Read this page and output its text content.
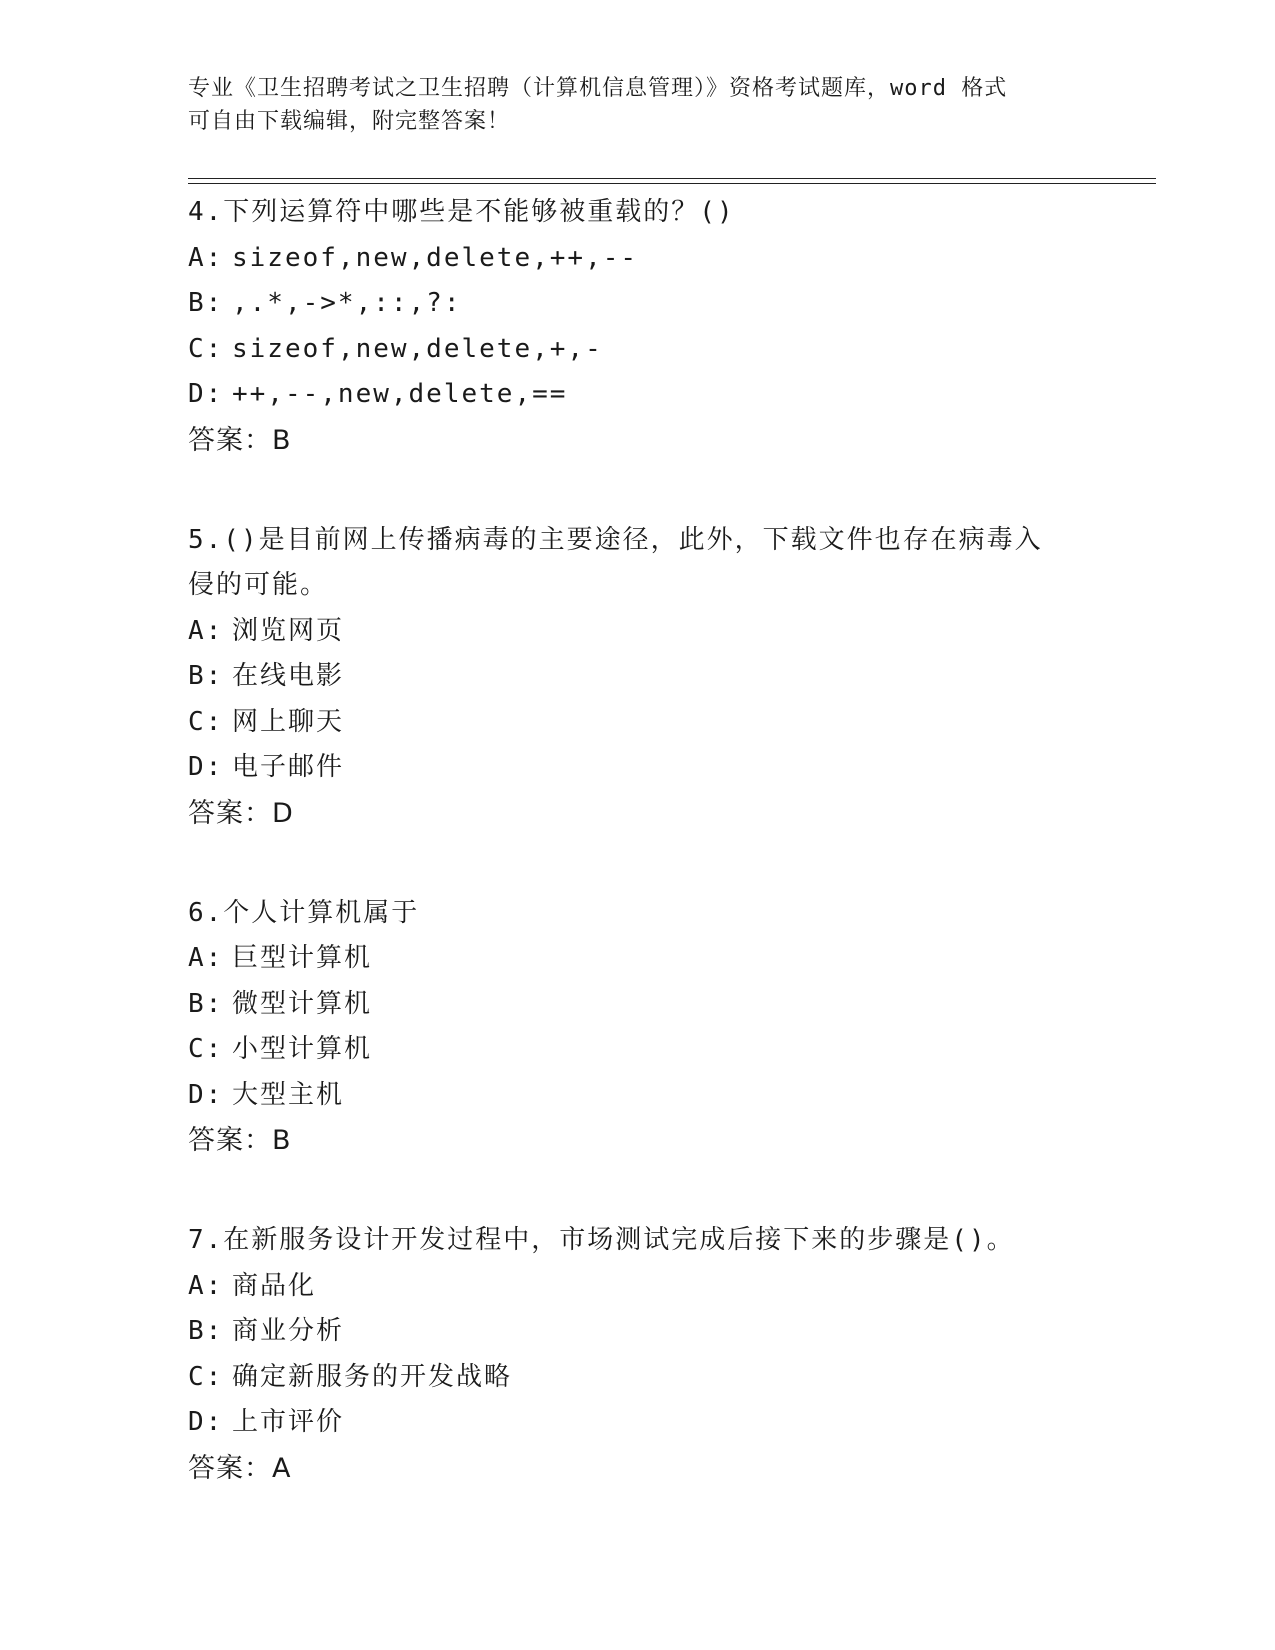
专业《卫生招聘考试之卫生招聘（计算机信息管理）》资格考试题库，word 格式
可自由下载编辑，附完整答案！
4.下列运算符中哪些是不能够被重载的？()
A: sizeof,new,delete,++,--
B: ,.*,->*,::,?:
C: sizeof,new,delete,+,-
D: ++,--,new,delete,==
答案：B
5.()是目前网上传播病毒的主要途径，此外，下载文件也存在病毒入侵的可能。
A: 浏览网页
B: 在线电影
C: 网上聊天
D: 电子邮件
答案：D
6.个人计算机属于
A: 巨型计算机
B: 微型计算机
C: 小型计算机
D: 大型主机
答案：B
7.在新服务设计开发过程中，市场测试完成后接下来的步骤是()。
A: 商品化
B: 商业分析
C: 确定新服务的开发战略
D: 上市评价
答案：A
